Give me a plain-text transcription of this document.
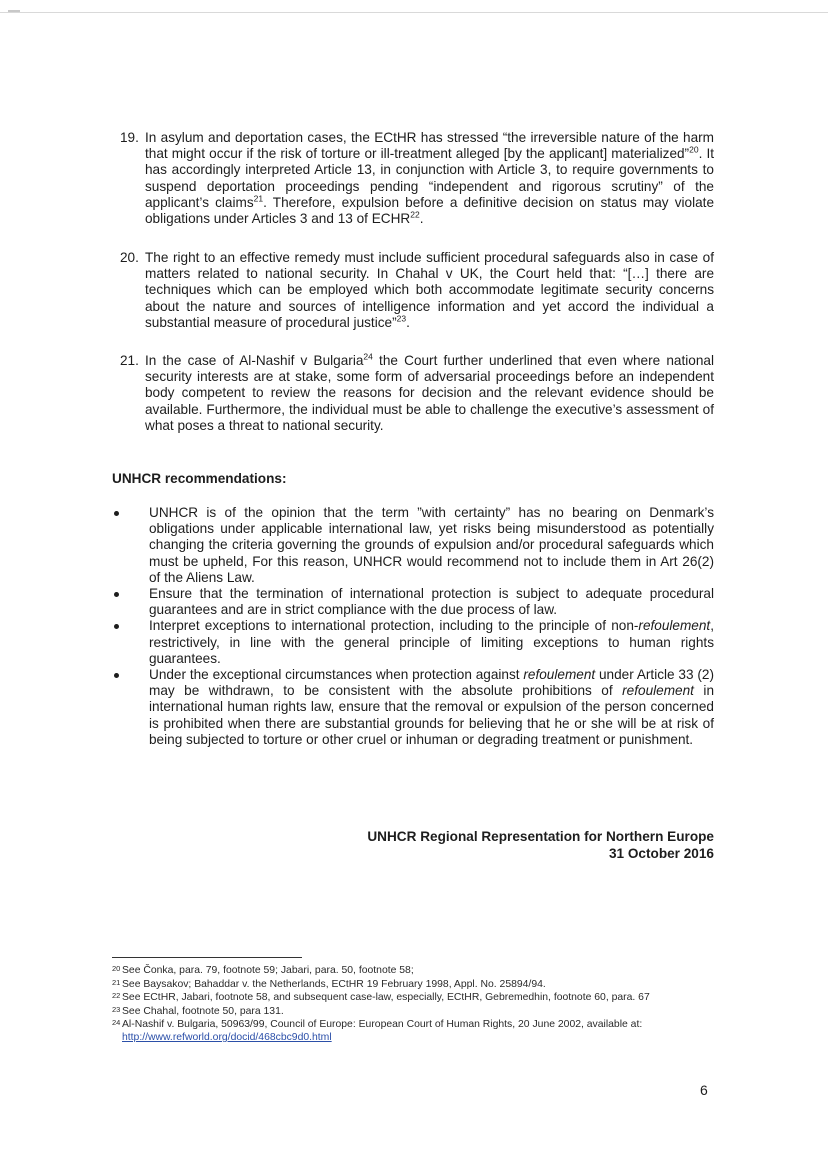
19. In asylum and deportation cases, the ECtHR has stressed “the irreversible nature of the harm that might occur if the risk of torture or ill-treatment alleged [by the applicant] materialized”$^{20}$. It has accordingly interpreted Article 13, in conjunction with Article 3, to require governments to suspend deportation proceedings pending “independent and rigorous scrutiny” of the applicant’s claims$^{21}$. Therefore, expulsion before a definitive decision on status may violate obligations under Articles 3 and 13 of ECHR$^{22}$.
20. The right to an effective remedy must include sufficient procedural safeguards also in case of matters related to national security. In Chahal v UK, the Court held that: “[…] there are techniques which can be employed which both accommodate legitimate security concerns about the nature and sources of intelligence information and yet accord the individual a substantial measure of procedural justice”$^{23}$.
21. In the case of Al-Nashif v Bulgaria$^{24}$ the Court further underlined that even where national security interests are at stake, some form of adversarial proceedings before an independent body competent to review the reasons for decision and the relevant evidence should be available. Furthermore, the individual must be able to challenge the executive’s assessment of what poses a threat to national security.
UNHCR recommendations:
UNHCR is of the opinion that the term ”with certainty” has no bearing on Denmark’s obligations under applicable international law, yet risks being misunderstood as potentially changing the criteria governing the grounds of expulsion and/or procedural safeguards which must be upheld, For this reason, UNHCR would recommend not to include them in Art 26(2) of the Aliens Law.
Ensure that the termination of international protection is subject to adequate procedural guarantees and are in strict compliance with the due process of law.
Interpret exceptions to international protection, including to the principle of non-refoulement, restrictively, in line with the general principle of limiting exceptions to human rights guarantees.
Under the exceptional circumstances when protection against refoulement under Article 33 (2) may be withdrawn, to be consistent with the absolute prohibitions of refoulement in international human rights law, ensure that the removal or expulsion of the person concerned is prohibited when there are substantial grounds for believing that he or she will be at risk of being subjected to torture or other cruel or inhuman or degrading treatment or punishment.
UNHCR Regional Representation for Northern Europe
31 October 2016
20 See Čonka, para. 79, footnote 59; Jabari, para. 50, footnote 58;
21 See Baysakov; Bahaddar v. the Netherlands, ECtHR 19 February 1998, Appl. No. 25894/94.
22 See ECtHR, Jabari, footnote 58, and subsequent case-law, especially, ECtHR, Gebremedhin, footnote 60, para. 67
23 See Chahal, footnote 50, para 131.
24 Al-Nashif v. Bulgaria, 50963/99, Council of Europe: European Court of Human Rights, 20 June 2002, available at: http://www.refworld.org/docid/468cbc9d0.html
6
